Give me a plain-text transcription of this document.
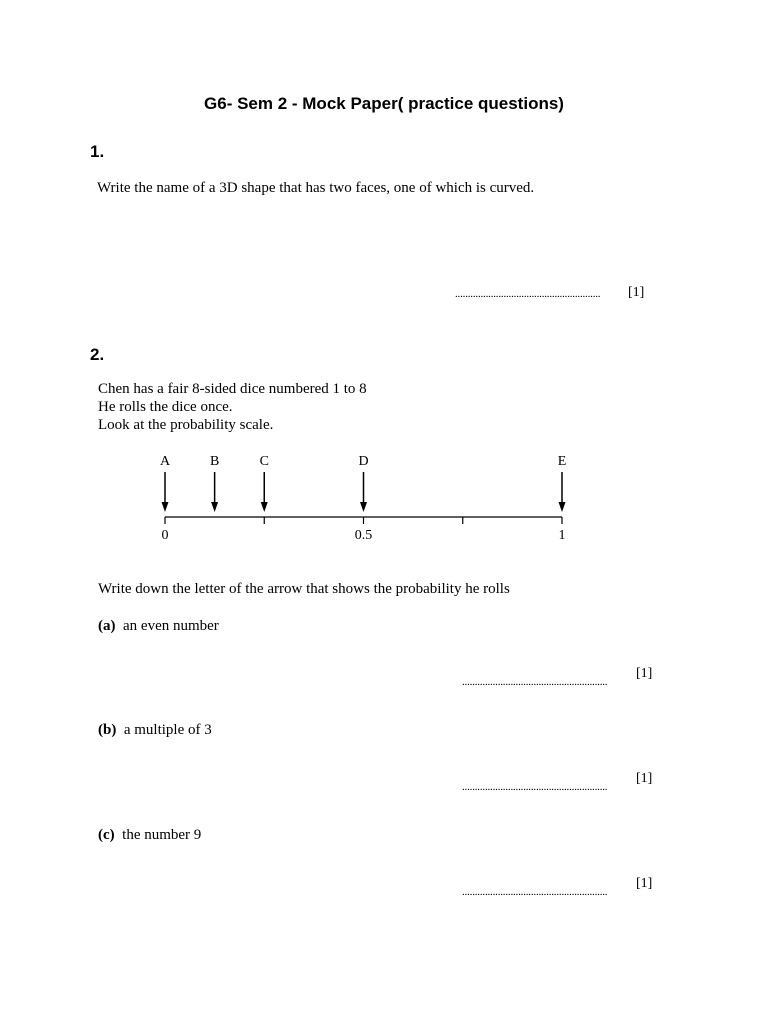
G6- Sem 2 - Mock Paper( practice questions)
1.
Write the name of a 3D shape that has two faces, one of which is curved.
......................................................... [1]
2.
Chen has a fair 8-sided dice numbered 1 to 8
He rolls the dice once.
Look at the probability scale.
0	0.5	1
A	B	C	D	E
Write down the letter of the arrow that shows the probability he rolls
(a) an even number
.........................................................
[1]
(b) a multiple of 3
.........................................................
[1]
(c) the number 9
.........................................................
[1]
